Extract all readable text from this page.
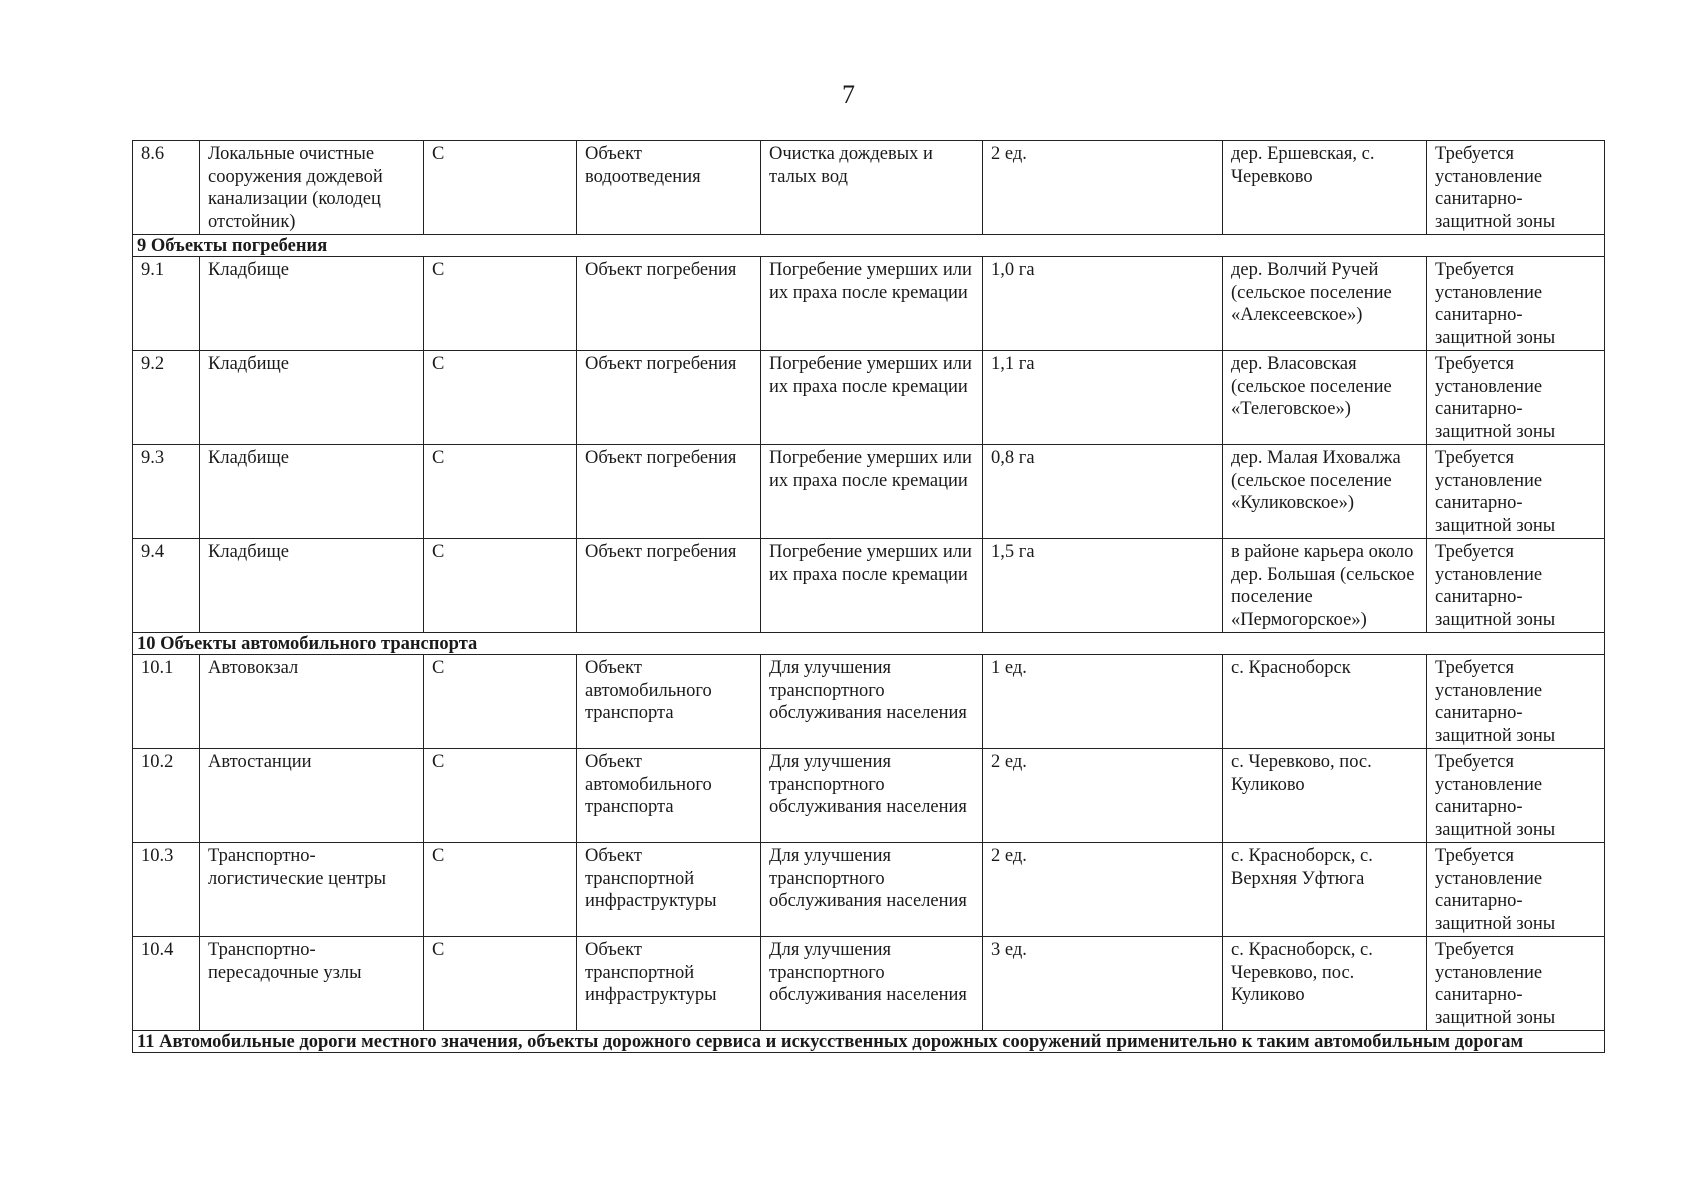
7
8.6	Локальные очистные сооружения дождевой канализации (колодец отстойник)	С	Объект водоотведения	Очистка дождевых и талых вод	2 ед.	дер. Ершевская, с. Черевково	Требуется установление санитарно-защитной зоны
9 Объекты погребения							
9.1	Кладбище	С	Объект погребения	Погребение умерших или их праха после кремации	1,0 га	дер. Волчий Ручей (сельское поселение «Алексеевское»)	Требуется установление санитарно-защитной зоны
9.2	Кладбище	С	Объект погребения	Погребение умерших или их праха после кремации	1,1 га	дер. Власовская (сельское поселение «Телеговское»)	Требуется установление санитарно-защитной зоны
9.3	Кладбище	С	Объект погребения	Погребение умерших или их праха после кремации	0,8 га	дер. Малая Иховалжа (сельское поселение «Куликовское»)	Требуется установление санитарно-защитной зоны
9.4	Кладбище	С	Объект погребения	Погребение умерших или их праха после кремации	1,5 га	в районе карьера около дер. Большая (сельское поселение «Пермогорское»)	Требуется установление санитарно-защитной зоны
10 Объекты автомобильного транспорта							
10.1	Автовокзал	С	Объект автомобильного транспорта	Для улучшения транспортного обслуживания населения	1 ед.	с. Красноборск	Требуется установление санитарно-защитной зоны
10.2	Автостанции	С	Объект автомобильного транспорта	Для улучшения транспортного обслуживания населения	2 ед.	с. Черевково, пос. Куликово	Требуется установление санитарно-защитной зоны
10.3	Транспортно-логистические центры	С	Объект транспортной инфраструктуры	Для улучшения транспортного обслуживания населения	2 ед.	с. Красноборск, с. Верхняя Уфтюга	Требуется установление санитарно-защитной зоны
10.4	Транспортно-пересадочные узлы	С	Объект транспортной инфраструктуры	Для улучшения транспортного обслуживания населения	3 ед.	с. Красноборск, с. Черевково, пос. Куликово	Требуется установление санитарно-защитной зоны
11 Автомобильные дороги местного значения, объекты дорожного сервиса и искусственных дорожных сооружений применительно к таким автомобильным дорогам							
